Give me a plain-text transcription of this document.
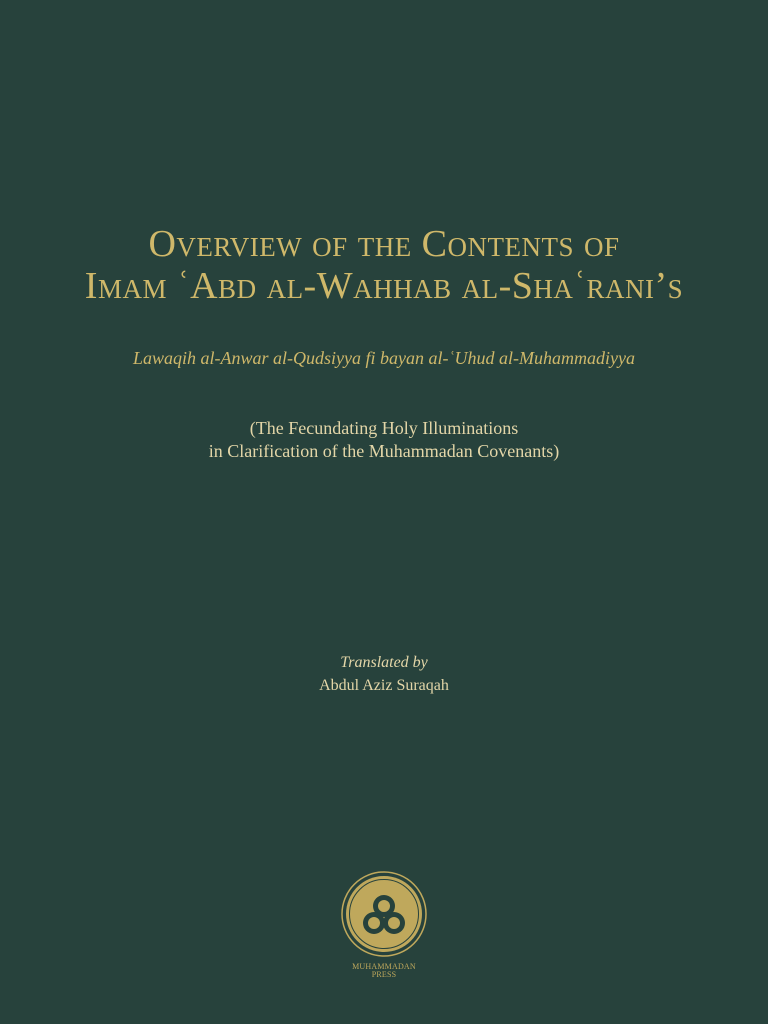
Overview of the Contents of
Imam ʿAbd al-Wahhab al-Shaʿrani’s
Lawaqih al-Anwar al-Qudsiyya fi bayan al-ʿUhud al-Muhammadiyya
(The Fecundating Holy Illuminations
in Clarification of the Muhammadan Covenants)
Translated by
Abdul Aziz Suraqah
MUHAMMADAN
PRESS
